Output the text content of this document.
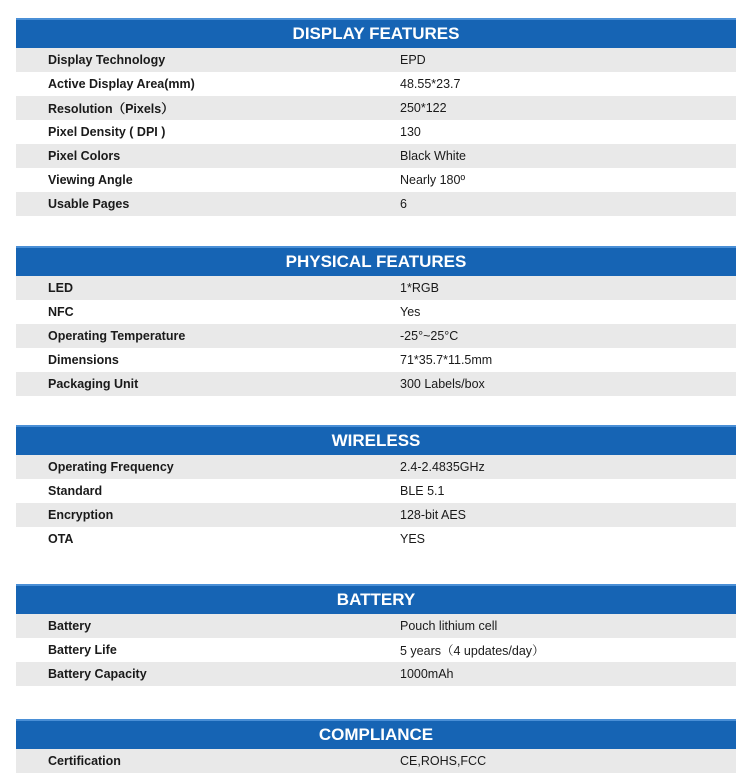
DISPLAY FEATURES
Display Technology	EPD
Active Display Area(mm)	48.55*23.7
Resolution（Pixels）	250*122
Pixel Density ( DPI )	130
Pixel Colors	Black White
Viewing Angle	Nearly 180º
Usable Pages	6
PHYSICAL FEATURES
LED	1*RGB
NFC	Yes
Operating Temperature	-25°~25°C
Dimensions	71*35.7*11.5mm
Packaging Unit	300 Labels/box
WIRELESS
Operating Frequency	2.4-2.4835GHz
Standard	BLE 5.1
Encryption	128-bit AES
OTA	YES
BATTERY
Battery	Pouch lithium cell
Battery Life	5 years（4 updates/day）
Battery Capacity	1000mAh
COMPLIANCE
Certification	CE,ROHS,FCC
